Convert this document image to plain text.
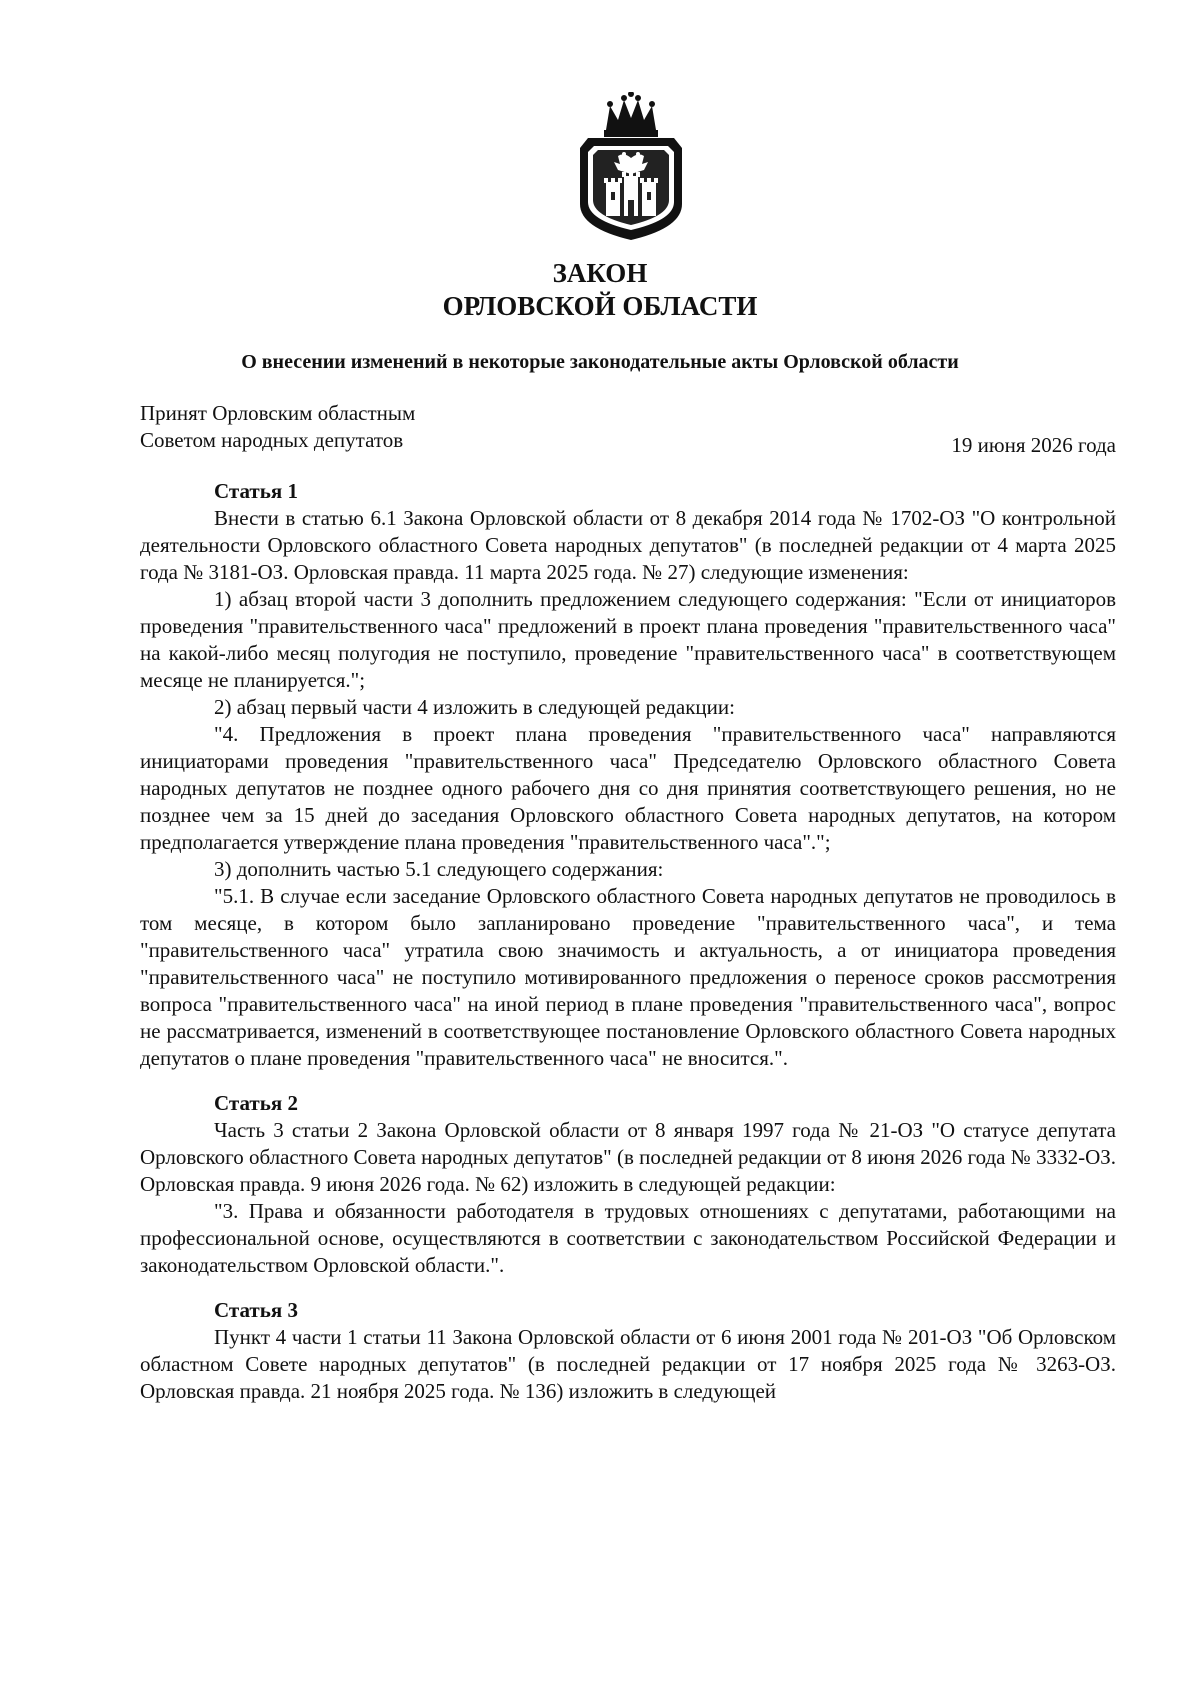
ЗАКОН
ОРЛОВСКОЙ ОБЛАСТИ
О внесении изменений в некоторые законодательные акты Орловской области
Принят Орловским областным
Советом народных депутатов	19 июня 2026 года
Статья 1

Внести в статью 6.1 Закона Орловской области от 8 декабря 2014 года № 1702-ОЗ "О контрольной деятельности Орловского областного Совета народных депутатов" (в последней редакции от 4 марта 2025 года № 3181-ОЗ. Орловская правда. 11 марта 2025 года. № 27) следующие изменения:

1) абзац второй части 3 дополнить предложением следующего содержания: "Если от инициаторов проведения "правительственного часа" предложений в проект плана проведения "правительственного часа" на какой-либо месяц полугодия не поступило, проведение "правительственного часа" в соответствующем месяце не планируется.";

2) абзац первый части 4 изложить в следующей редакции:

"4. Предложения в проект плана проведения "правительственного часа" направляются инициаторами проведения "правительственного часа" Председателю Орловского областного Совета народных депутатов не позднее одного рабочего дня со дня принятия соответствующего решения, но не позднее чем за 15 дней до заседания Орловского областного Совета народных депутатов, на котором предполагается утверждение плана проведения "правительственного часа".";

3) дополнить частью 5.1 следующего содержания:

"5.1. В случае если заседание Орловского областного Совета народных депутатов не проводилось в том месяце, в котором было запланировано проведение "правительственного часа", и тема "правительственного часа" утратила свою значимость и актуальность, а от инициатора проведения "правительственного часа" не поступило мотивированного предложения о переносе сроков рассмотрения вопроса "правительственного часа" на иной период в плане проведения "правительственного часа", вопрос не рассматривается, изменений в соответствующее постановление Орловского областного Совета народных депутатов о плане проведения "правительственного часа" не вносится.".

Статья 2

Часть 3 статьи 2 Закона Орловской области от 8 января 1997 года № 21-ОЗ "О статусе депутата Орловского областного Совета народных депутатов" (в последней редакции от 8 июня 2026 года № 3332-ОЗ. Орловская правда. 9 июня 2026 года. № 62) изложить в следующей редакции:

"3. Права и обязанности работодателя в трудовых отношениях с депутатами, работающими на профессиональной основе, осуществляются в соответствии с законодательством Российской Федерации и законодательством Орловской области.".

Статья 3

Пункт 4 части 1 статьи 11 Закона Орловской области от 6 июня 2001 года № 201-ОЗ "Об Орловском областном Совете народных депутатов" (в последней редакции от 17 ноября 2025 года № 3263-ОЗ. Орловская правда. 21 ноября 2025 года. № 136) изложить в следующей
